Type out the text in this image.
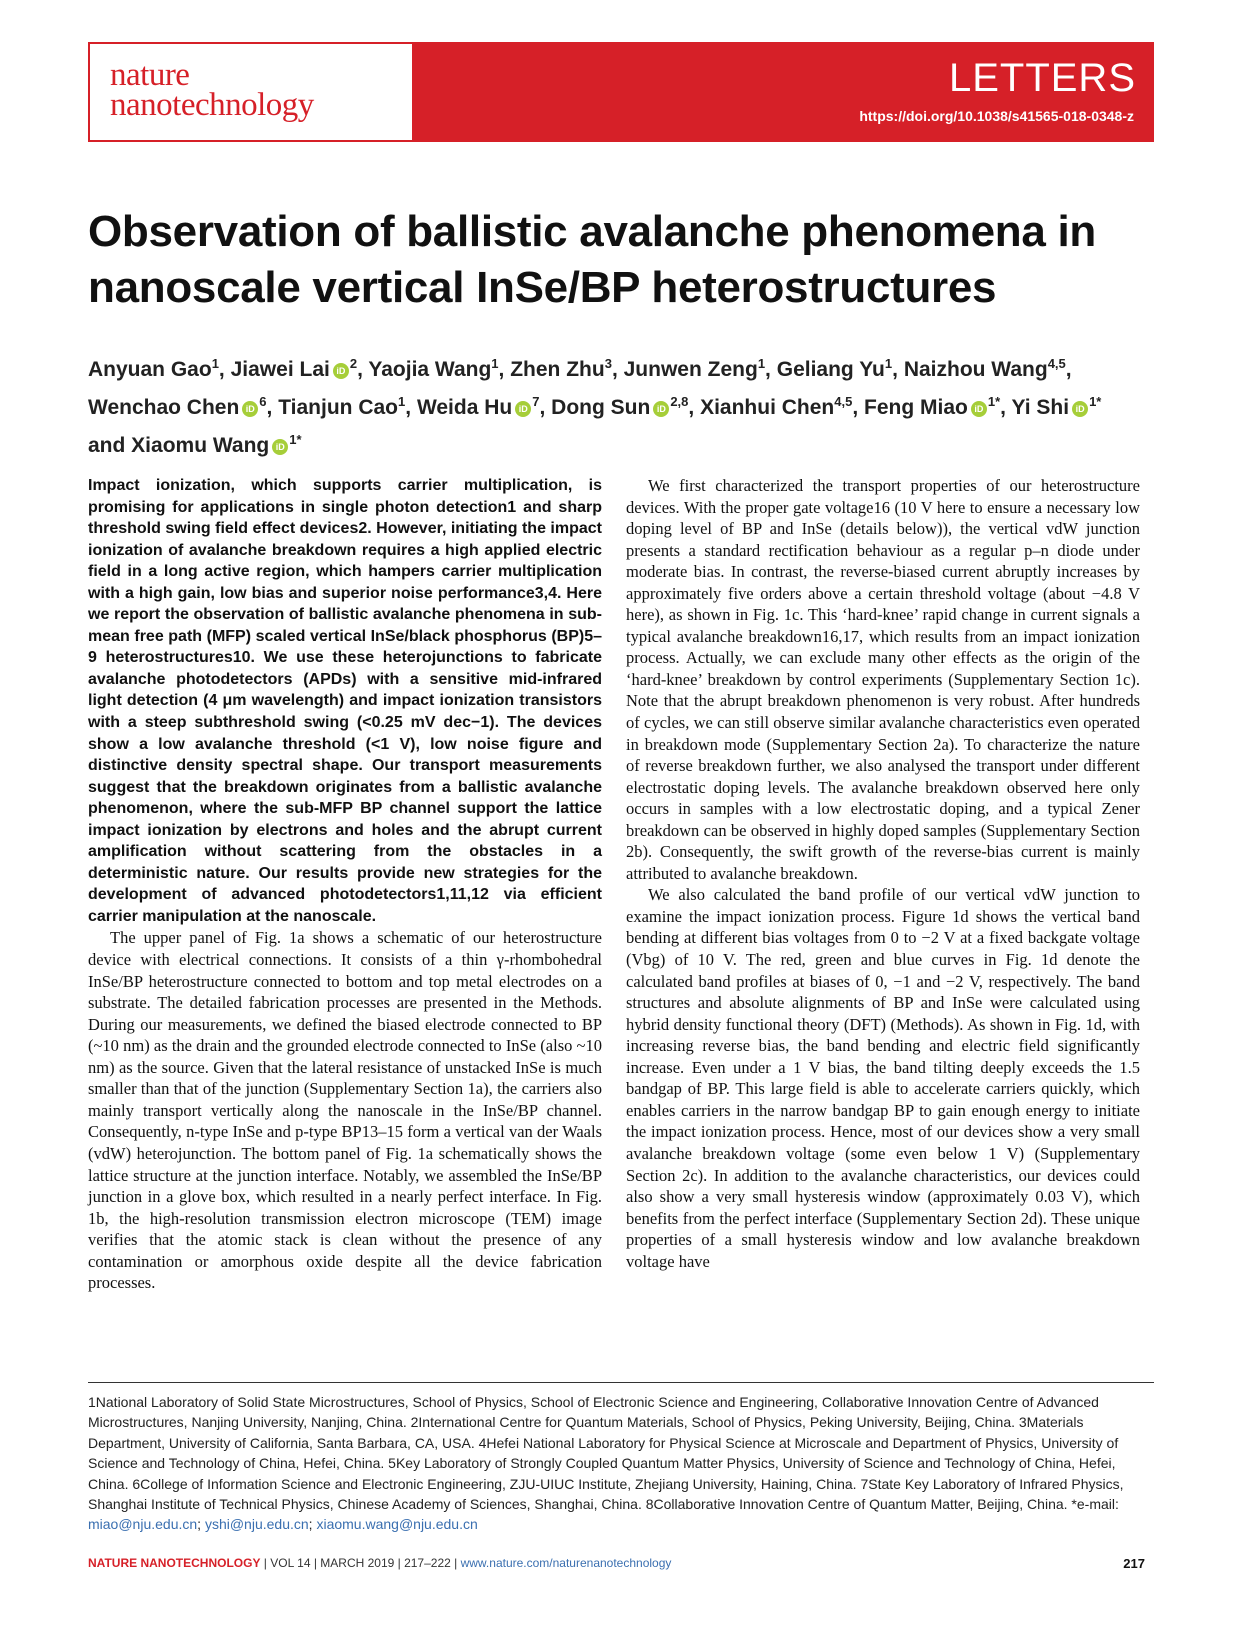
nature
nanotechnology
LETTERS
https://doi.org/10.1038/s41565-018-0348-z
Observation of ballistic avalanche phenomena in nanoscale vertical InSe/BP heterostructures
Anyuan Gao$^1$, Jiawei Lai iD $^2$, Yaojia Wang$^1$, Zhen Zhu$^3$, Junwen Zeng$^1$, Geliang Yu$^1$, Naizhou Wang$^{4,5}$,
Wenchao Chen iD $^6$, Tianjun Cao$^1$, Weida Hu iD $^7$, Dong Sun iD $^{2,8}$, Xianhui Chen$^{4,5}$, Feng Miao iD $^{1*}$, Yi Shi iD $^{1*}$
and Xiaomu Wang iD $^{1*}$

Impact ionization, which supports carrier multiplication, is promising for applications in single photon detection1 and sharp threshold swing field effect devices2. However, initiating the impact ionization of avalanche breakdown requires a high applied electric field in a long active region, which hampers carrier multiplication with a high gain, low bias and superior noise performance3,4. Here we report the observation of ballistic avalanche phenomena in sub-mean free path (MFP) scaled vertical InSe/black phosphorus (BP)5–9 heterostructures10. We use these heterojunctions to fabricate avalanche photodetectors (APDs) with a sensitive mid-infrared light detection (4 μm wavelength) and impact ionization transistors with a steep subthreshold swing (<0.25 mV dec−1). The devices show a low avalanche threshold (<1 V), low noise figure and distinctive density spectral shape. Our transport measurements suggest that the breakdown originates from a ballistic avalanche phenomenon, where the sub-MFP BP channel support the lattice impact ionization by electrons and holes and the abrupt current amplification without scattering from the obstacles in a deterministic nature. Our results provide new strategies for the development of advanced photodetectors1,11,12 via efficient carrier manipulation at the nanoscale.

The upper panel of Fig. 1a shows a schematic of our heterostructure device with electrical connections. It consists of a thin γ-rhombohedral InSe/BP heterostructure connected to bottom and top metal electrodes on a substrate. The detailed fabrication processes are presented in the Methods. During our measurements, we defined the biased electrode connected to BP (~10 nm) as the drain and the grounded electrode connected to InSe (also ~10 nm) as the source. Given that the lateral resistance of unstacked InSe is much smaller than that of the junction (Supplementary Section 1a), the carriers also mainly transport vertically along the nanoscale in the InSe/BP channel. Consequently, n-type InSe and p-type BP13–15 form a vertical van der Waals (vdW) heterojunction. The bottom panel of Fig. 1a schematically shows the lattice structure at the junction interface. Notably, we assembled the InSe/BP junction in a glove box, which resulted in a nearly perfect interface. In Fig. 1b, the high-resolution transmission electron microscope (TEM) image verifies that the atomic stack is clean without the presence of any contamination or amorphous oxide despite all the device fabrication processes.

We first characterized the transport properties of our heterostructure devices. With the proper gate voltage16 (10 V here to ensure a necessary low doping level of BP and InSe (details below)), the vertical vdW junction presents a standard rectification behaviour as a regular p–n diode under moderate bias. In contrast, the reverse-biased current abruptly increases by approximately five orders above a certain threshold voltage (about −4.8 V here), as shown in Fig. 1c. This ‘hard-knee’ rapid change in current signals a typical avalanche breakdown16,17, which results from an impact ionization process. Actually, we can exclude many other effects as the origin of the ‘hard-knee’ breakdown by control experiments (Supplementary Section 1c). Note that the abrupt breakdown phenomenon is very robust. After hundreds of cycles, we can still observe similar avalanche characteristics even operated in breakdown mode (Supplementary Section 2a). To characterize the nature of reverse breakdown further, we also analysed the transport under different electrostatic doping levels. The avalanche breakdown observed here only occurs in samples with a low electrostatic doping, and a typical Zener breakdown can be observed in highly doped samples (Supplementary Section 2b). Consequently, the swift growth of the reverse-bias current is mainly attributed to avalanche breakdown.

We also calculated the band profile of our vertical vdW junction to examine the impact ionization process. Figure 1d shows the vertical band bending at different bias voltages from 0 to −2 V at a fixed backgate voltage (Vbg) of 10 V. The red, green and blue curves in Fig. 1d denote the calculated band profiles at biases of 0, −1 and −2 V, respectively. The band structures and absolute alignments of BP and InSe were calculated using hybrid density functional theory (DFT) (Methods). As shown in Fig. 1d, with increasing reverse bias, the band bending and electric field significantly increase. Even under a 1 V bias, the band tilting deeply exceeds the 1.5 bandgap of BP. This large field is able to accelerate carriers quickly, which enables carriers in the narrow bandgap BP to gain enough energy to initiate the impact ionization process. Hence, most of our devices show a very small avalanche breakdown voltage (some even below 1 V) (Supplementary Section 2c). In addition to the avalanche characteristics, our devices could also show a very small hysteresis window (approximately 0.03 V), which benefits from the perfect interface (Supplementary Section 2d). These unique properties of a small hysteresis window and low avalanche breakdown voltage have

1National Laboratory of Solid State Microstructures, School of Physics, School of Electronic Science and Engineering, Collaborative Innovation Centre of Advanced Microstructures, Nanjing University, Nanjing, China. 2International Centre for Quantum Materials, School of Physics, Peking University, Beijing, China. 3Materials Department, University of California, Santa Barbara, CA, USA. 4Hefei National Laboratory for Physical Science at Microscale and Department of Physics, University of Science and Technology of China, Hefei, China. 5Key Laboratory of Strongly Coupled Quantum Matter Physics, University of Science and Technology of China, Hefei, China. 6College of Information Science and Electronic Engineering, ZJU-UIUC Institute, Zhejiang University, Haining, China. 7State Key Laboratory of Infrared Physics, Shanghai Institute of Technical Physics, Chinese Academy of Sciences, Shanghai, China. 8Collaborative Innovation Centre of Quantum Matter, Beijing, China. *e-mail: miao@nju.edu.cn; yshi@nju.edu.cn; xiaomu.wang@nju.edu.cn
NATURE NANOTECHNOLOGY | VOL 14 | MARCH 2019 | 217–222 | www.nature.com/naturenanotechnology	217
